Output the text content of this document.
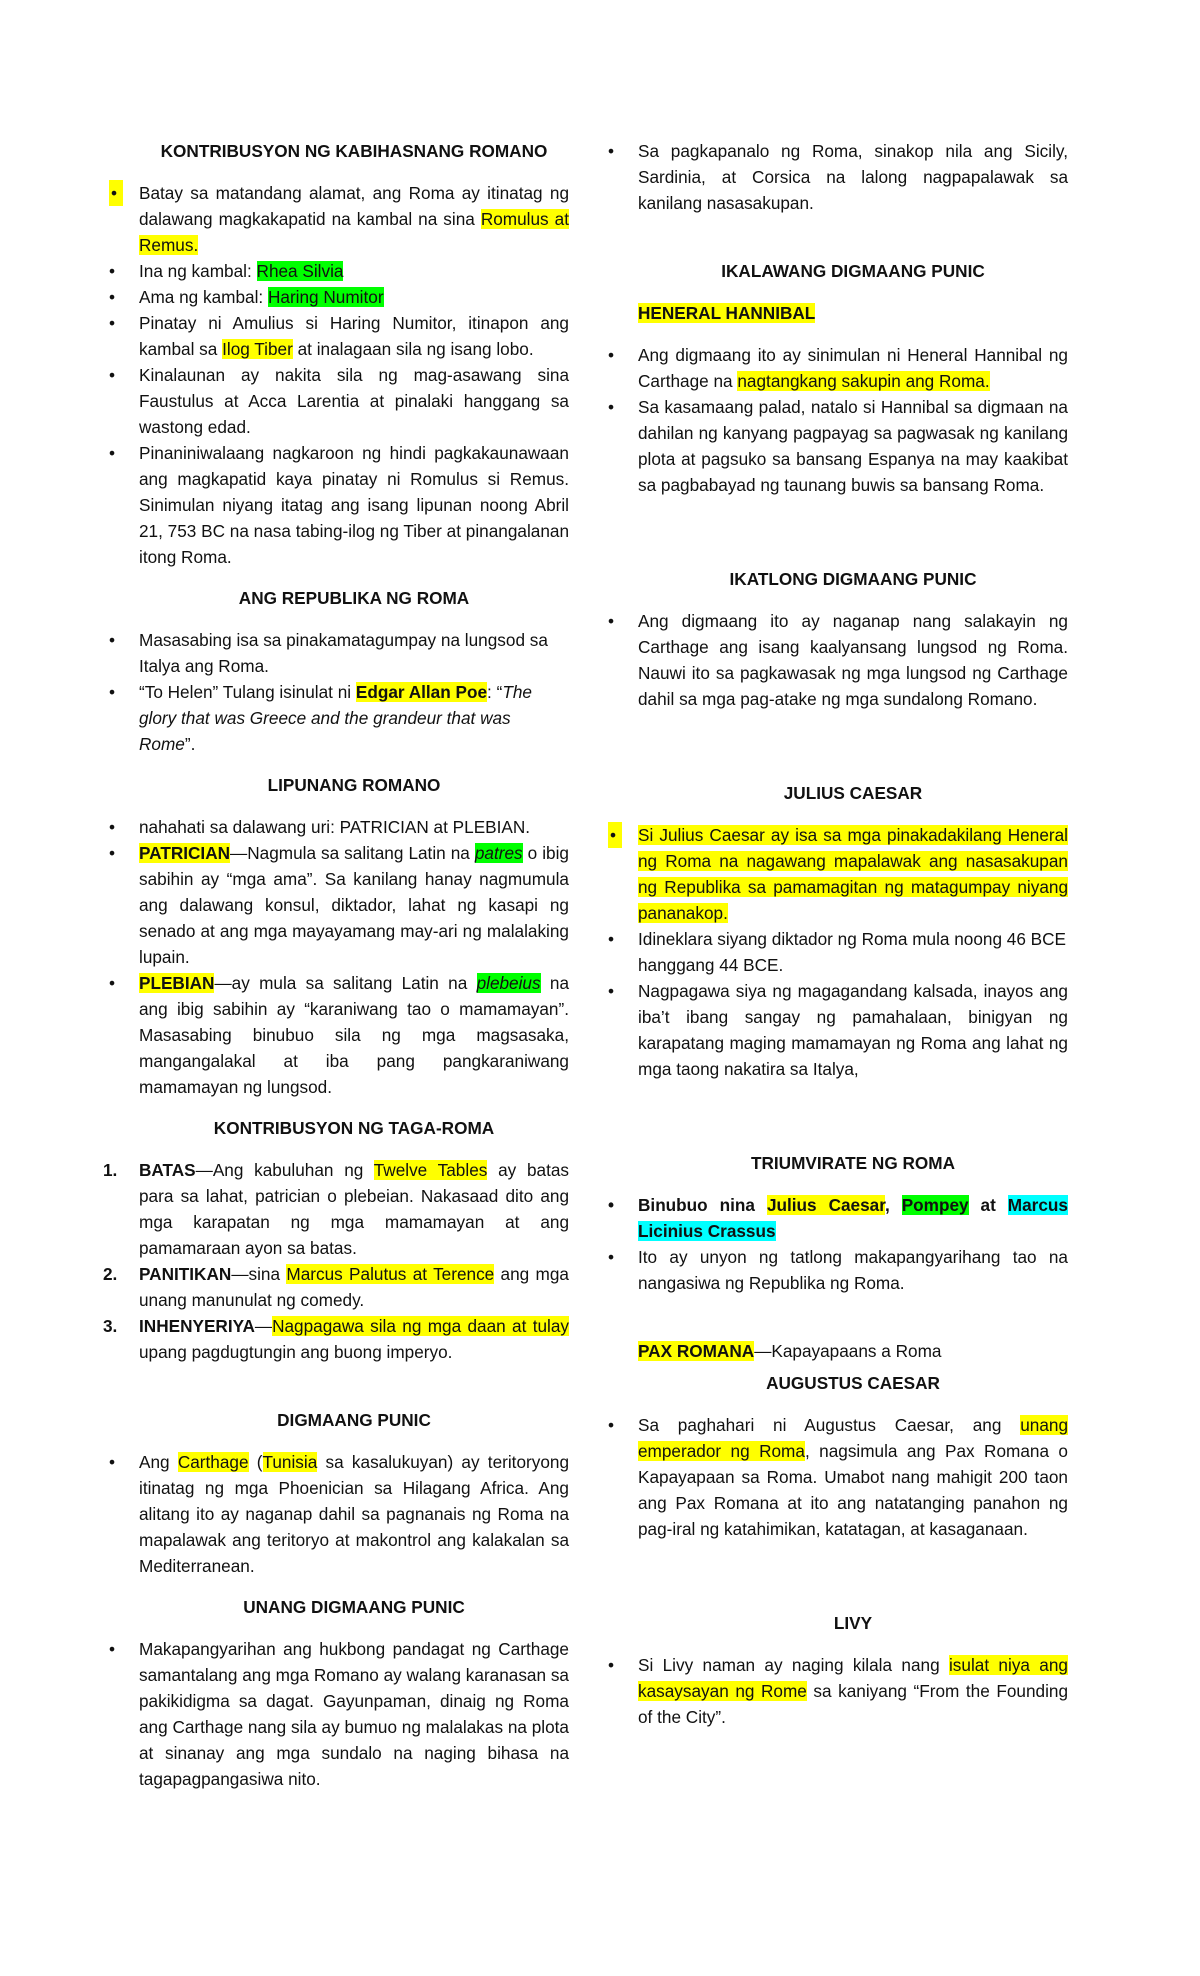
KONTRIBUSYON NG KABIHASNANG ROMANO

• Batay sa matandang alamat, ang Roma ay itinatag ng dalawang magkakapatid na kambal na sina Romulus at Remus.
• Ina ng kambal: Rhea Silvia
• Ama ng kambal: Haring Numitor
• Pinatay ni Amulius si Haring Numitor, itinapon ang kambal sa Ilog Tiber at inalagaan sila ng isang lobo.
• Kinalaunan ay nakita sila ng mag-asawang sina Faustulus at Acca Larentia at pinalaki hanggang sa wastong edad.
• Pinaniniwalaang nagkaroon ng hindi pagkakaunawaan ang magkapatid kaya pinatay ni Romulus si Remus. Sinimulan niyang itatag ang isang lipunan noong Abril 21, 753 BC na nasa tabing-ilog ng Tiber at pinangalanan itong Roma.

ANG REPUBLIKA NG ROMA

• Masasabing isa sa pinakamatagumpay na lungsod sa Italya ang Roma.
• “To Helen” Tulang isinulat ni Edgar Allan Poe: “The glory that was Greece and the grandeur that was Rome”.

LIPUNANG ROMANO

• nahahati sa dalawang uri: PATRICIAN at PLEBIAN.
• PATRICIAN—Nagmula sa salitang Latin na patres o ibig sabihin ay “mga ama”. Sa kanilang hanay nagmumula ang dalawang konsul, diktador, lahat ng kasapi ng senado at ang mga mayayamang may-ari ng malalaking lupain.
• PLEBIAN—ay mula sa salitang Latin na plebeius na ang ibig sabihin ay “karaniwang tao o mamamayan”. Masasabing binubuo sila ng mga magsasaka, mangangalakal at iba pang pangkaraniwang mamamayan ng lungsod.

KONTRIBUSYON NG TAGA-ROMA

1. BATAS—Ang kabuluhan ng Twelve Tables ay batas para sa lahat, patrician o plebeian. Nakasaad dito ang mga karapatan ng mga mamamayan at ang pamamaraan ayon sa batas.
2. PANITIKAN—sina Marcus Palutus at Terence ang mga unang manunulat ng comedy.
3. INHENYERIYA—Nagpagawa sila ng mga daan at tulay upang pagdugtungin ang buong imperyo.

DIGMAANG PUNIC

• Ang Carthage (Tunisia sa kasalukuyan) ay teritoryong itinatag ng mga Phoenician sa Hilagang Africa. Ang alitang ito ay naganap dahil sa pagnanais ng Roma na mapalawak ang teritoryo at makontrol ang kalakalan sa Mediterranean.

UNANG DIGMAANG PUNIC

• Makapangyarihan ang hukbong pandagat ng Carthage samantalang ang mga Romano ay walang karanasan sa pakikidigma sa dagat. Gayunpaman, dinaig ng Roma ang Carthage nang sila ay bumuo ng malalakas na plota at sinanay ang mga sundalo na naging bihasa na tagapagpangasiwa nito.
• Sa pagkapanalo ng Roma, sinakop nila ang Sicily, Sardinia, at Corsica na lalong nagpapalawak sa kanilang nasasakupan.

IKALAWANG DIGMAANG PUNIC

HENERAL HANNIBAL

• Ang digmaang ito ay sinimulan ni Heneral Hannibal ng Carthage na nagtangkang sakupin ang Roma.
• Sa kasamaang palad, natalo si Hannibal sa digmaan na dahilan ng kanyang pagpayag sa pagwasak ng kanilang plota at pagsuko sa bansang Espanya na may kaakibat sa pagbabayad ng taunang buwis sa bansang Roma.

IKATLONG DIGMAANG PUNIC

• Ang digmaang ito ay naganap nang salakayin ng Carthage ang isang kaalyansang lungsod ng Roma. Nauwi ito sa pagkawasak ng mga lungsod ng Carthage dahil sa mga pag-atake ng mga sundalong Romano.

JULIUS CAESAR

• Si Julius Caesar ay isa sa mga pinakadakilang Heneral ng Roma na nagawang mapalawak ang nasasakupan ng Republika sa pamamagitan ng matagumpay niyang pananakop.
• Idineklara siyang diktador ng Roma mula noong 46 BCE hanggang 44 BCE.
• Nagpagawa siya ng magagandang kalsada, inayos ang iba’t ibang sangay ng pamahalaan, binigyan ng karapatang maging mamamayan ng Roma ang lahat ng mga taong nakatira sa Italya,

TRIUMVIRATE NG ROMA

• Binubuo nina Julius Caesar, Pompey at Marcus Licinius Crassus
• Ito ay unyon ng tatlong makapangyarihang tao na nangasiwa ng Republika ng Roma.

PAX ROMANA—Kapayapaans a Roma

AUGUSTUS CAESAR

• Sa paghahari ni Augustus Caesar, ang unang emperador ng Roma, nagsimula ang Pax Romana o Kapayapaan sa Roma. Umabot nang mahigit 200 taon ang Pax Romana at ito ang natatanging panahon ng pag-iral ng katahimikan, katatagan, at kasaganaan.

LIVY

• Si Livy naman ay naging kilala nang isulat niya ang kasaysayan ng Rome sa kaniyang “From the Founding of the City”.
